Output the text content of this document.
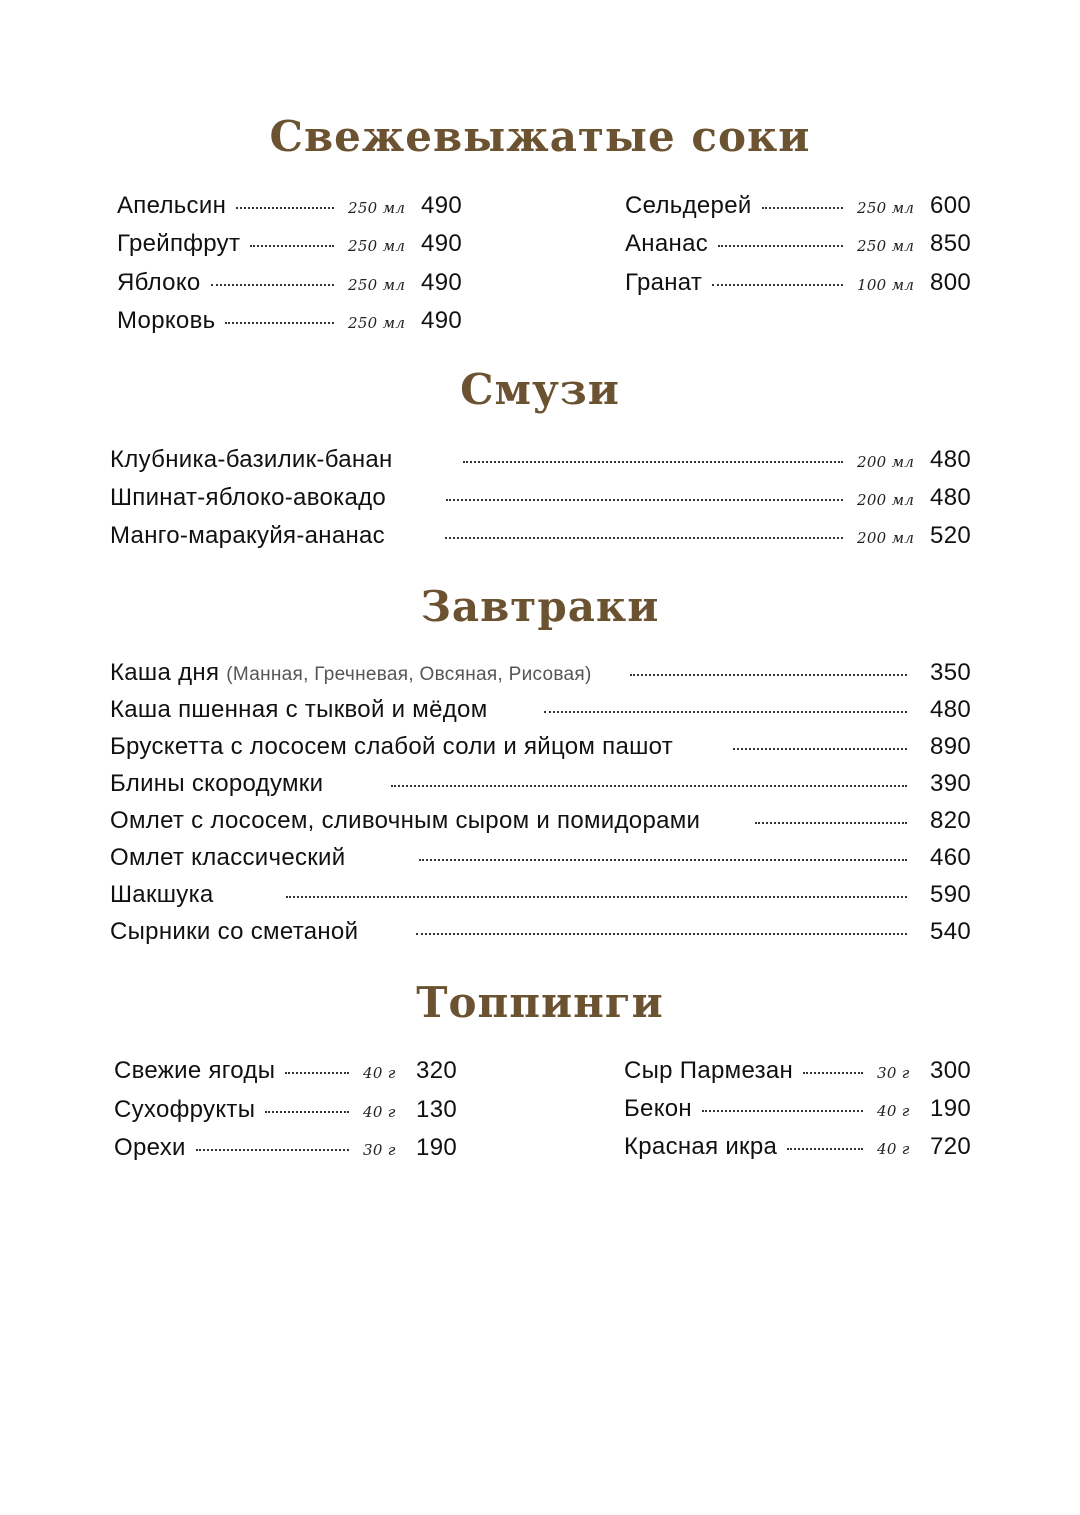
Свежевыжатые соки
Апельсин	250 мл 490
Грейпфрут	250 мл 490
Яблоко	250 мл 490
Морковь	250 мл 490
Сельдерей	250 мл 600
Ананас	250 мл 850
Гранат	100 мл 800
Смузи
Клубника-базилик-банан	200 мл 480
Шпинат-яблоко-авокадо	200 мл 480
Манго-маракуйя-ананас	200 мл 520
Завтраки
Каша дня (Манная, Гречневая, Овсяная, Рисовая)	350
Каша пшенная с тыквой и мёдом	480
Брускетта с лососем слабой соли и яйцом пашот	890
Блины скородумки	390
Омлет с лососем, сливочным сыром и помидорами	820
Омлет классический	460
Шакшука	590
Сырники со сметаной	540
Топпинги
Свежие ягоды	40 г 320
Сухофрукты	40 г 130
Орехи	30 г 190
Сыр Пармезан	30 г 300
Бекон	40 г 190
Красная икра	40 г 720
